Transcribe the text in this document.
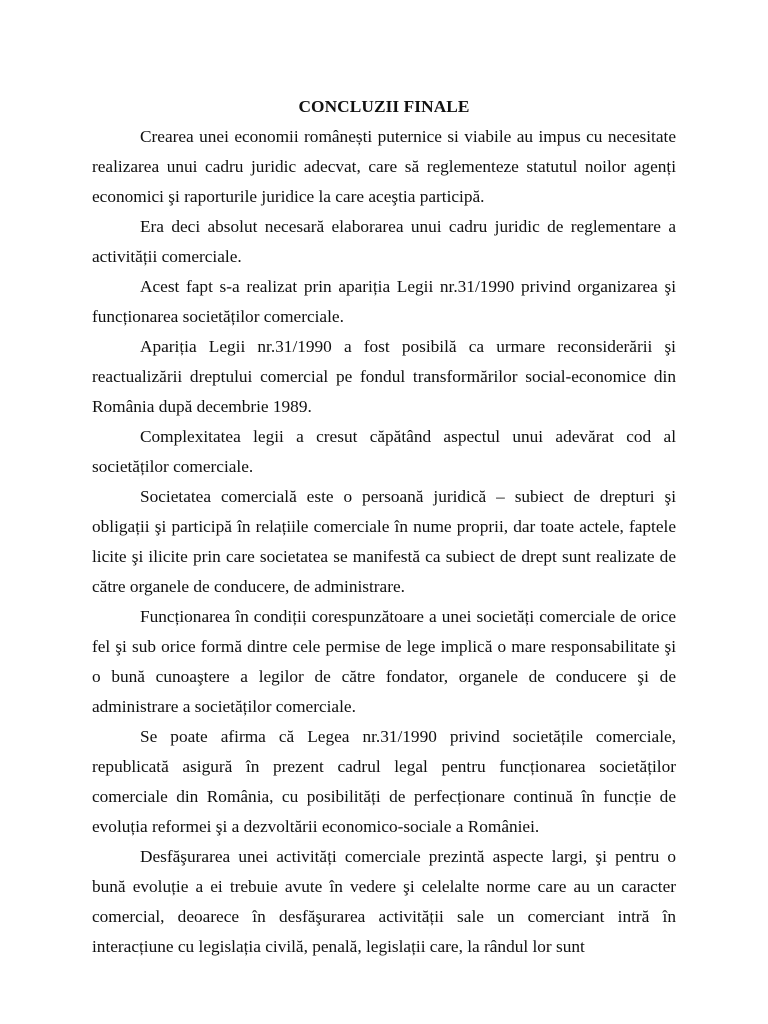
CONCLUZII FINALE

Crearea unei economii românești puternice si viabile au impus cu necesitate realizarea unui cadru juridic adecvat, care să reglementeze statutul noilor agenți economici şi raporturile juridice la care aceştia participă.

Era deci absolut necesară elaborarea unui cadru juridic de reglementare a activității comerciale.

Acest fapt s-a realizat prin apariția Legii nr.31/1990 privind organizarea şi funcționarea societăților comerciale.

Apariția Legii nr.31/1990 a fost posibilă ca urmare reconsiderării şi reactualizării dreptului comercial pe fondul transformărilor social-economice din România după decembrie 1989.

Complexitatea legii a cresut căpătând aspectul unui adevărat cod al societăților comerciale.

Societatea comercială este o persoană juridică – subiect de drepturi şi obligații şi participă în relațiile comerciale în nume proprii, dar toate actele, faptele licite şi ilicite prin care societatea se manifestă ca subiect de drept sunt realizate de către organele de conducere, de administrare.

Funcționarea în condiții corespunzătoare a unei societăți comerciale de orice fel şi sub orice formă dintre cele permise de lege implică o mare responsabilitate şi o bună cunoaştere a legilor de către fondator, organele de conducere şi de administrare a societăților comerciale.

Se poate afirma că Legea nr.31/1990 privind societățile comerciale, republicată asigură în prezent cadrul legal pentru funcționarea societăților comerciale din România, cu posibilități de perfecționare continuă în funcție de evoluția reformei şi a dezvoltării economico-sociale a României.

Desfăşurarea unei activități comerciale prezintă aspecte largi, şi pentru o bună evoluție a ei trebuie avute în vedere şi celelalte norme care au un caracter comercial, deoarece în desfăşurarea activității sale un comerciant intră în interacțiune cu legislația civilă, penală, legislații care, la rândul lor sunt
